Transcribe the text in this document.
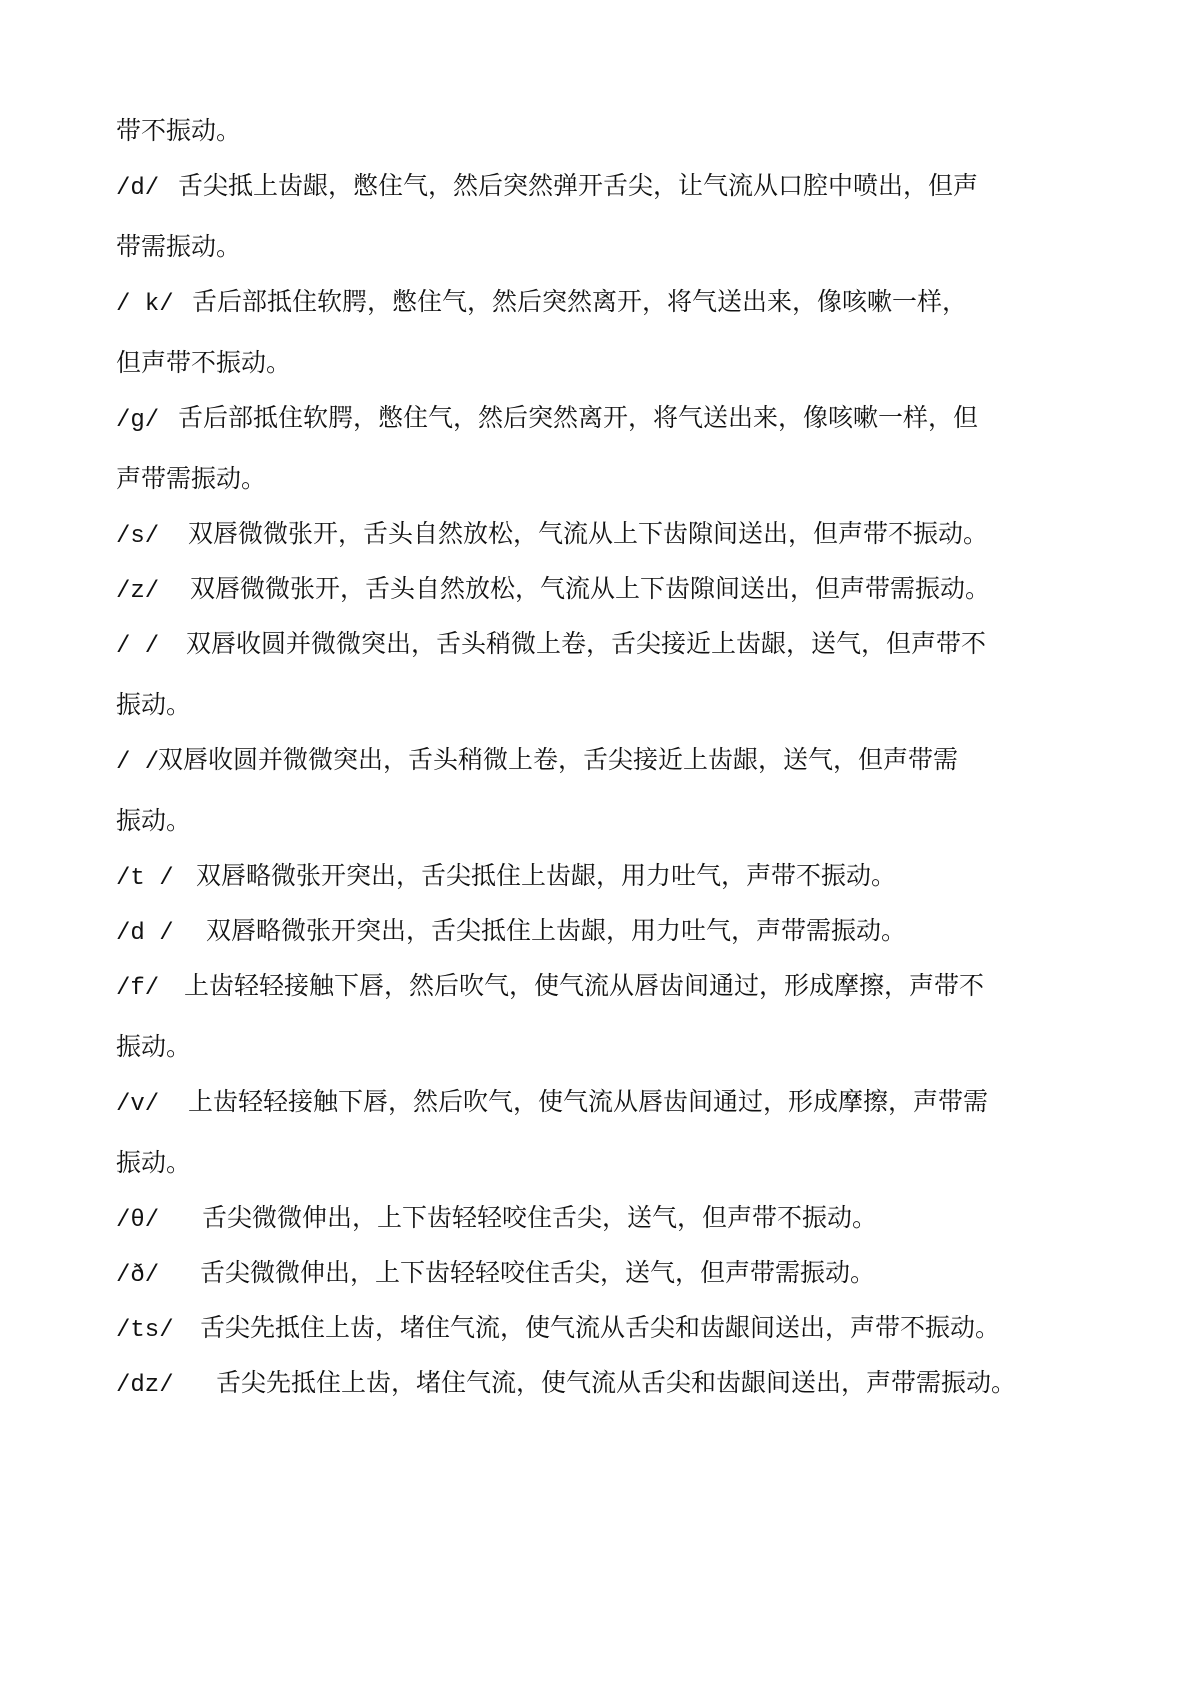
带不振动。
/d/ 舌尖抵上齿龈，憋住气，然后突然弹开舌尖，让气流从口腔中喷出，但声
带需振动。
/ k/ 舌后部抵住软腭，憋住气，然后突然离开，将气送出来，像咳嗽一样，
但声带不振动。
/g/ 舌后部抵住软腭，憋住气，然后突然离开，将气送出来，像咳嗽一样，但
声带需振动。
/s/ 双唇微微张开，舌头自然放松，气流从上下齿隙间送出，但声带不振动。
/z/ 双唇微微张开，舌头自然放松，气流从上下齿隙间送出，但声带需振动。
/ / 双唇收圆并微微突出，舌头稍微上卷，舌尖接近上齿龈，送气，但声带不
振动。
/ /双唇收圆并微微突出，舌头稍微上卷，舌尖接近上齿龈，送气，但声带需
振动。
/t / 双唇略微张开突出，舌尖抵住上齿龈，用力吐气，声带不振动。
/d / 双唇略微张开突出，舌尖抵住上齿龈，用力吐气，声带需振动。
/f/ 上齿轻轻接触下唇，然后吹气，使气流从唇齿间通过，形成摩擦，声带不
振动。
/v/ 上齿轻轻接触下唇，然后吹气，使气流从唇齿间通过，形成摩擦，声带需
振动。
/θ/ 舌尖微微伸出，上下齿轻轻咬住舌尖，送气，但声带不振动。
/ð/ 舌尖微微伸出，上下齿轻轻咬住舌尖，送气，但声带需振动。
/ts/ 舌尖先抵住上齿，堵住气流，使气流从舌尖和齿龈间送出，声带不振动。
/dz/ 舌尖先抵住上齿，堵住气流，使气流从舌尖和齿龈间送出，声带需振动。
